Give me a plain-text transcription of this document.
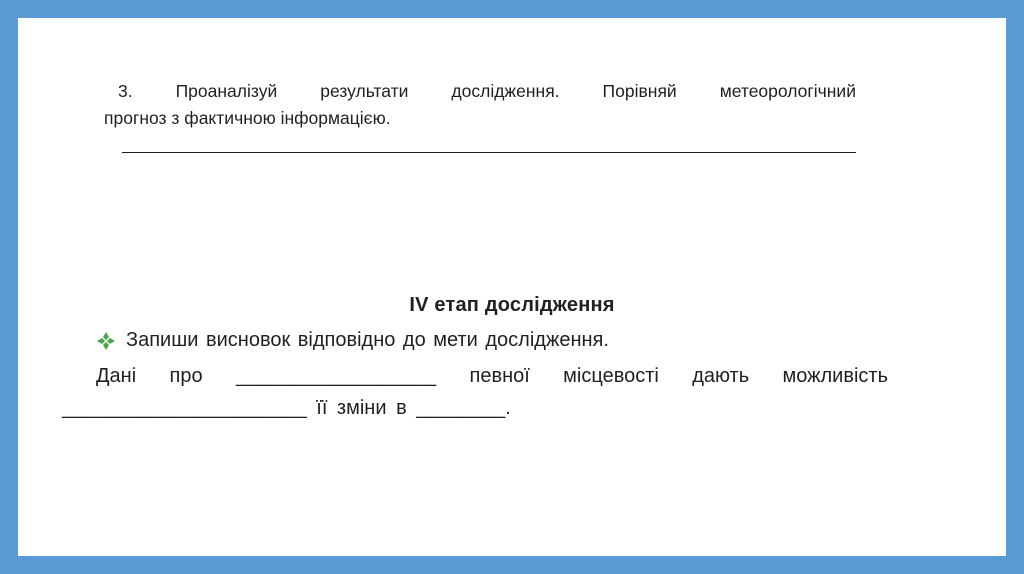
3. Проаналізуй результати дослідження. Порівняй метеорологічний
прогноз з фактичною інформацією.
IV етап дослідження
Запиши висновок відповідно до мети дослідження.
Дані про __________________ певної місцевості дають можливість
______________________ її зміни в ________.
